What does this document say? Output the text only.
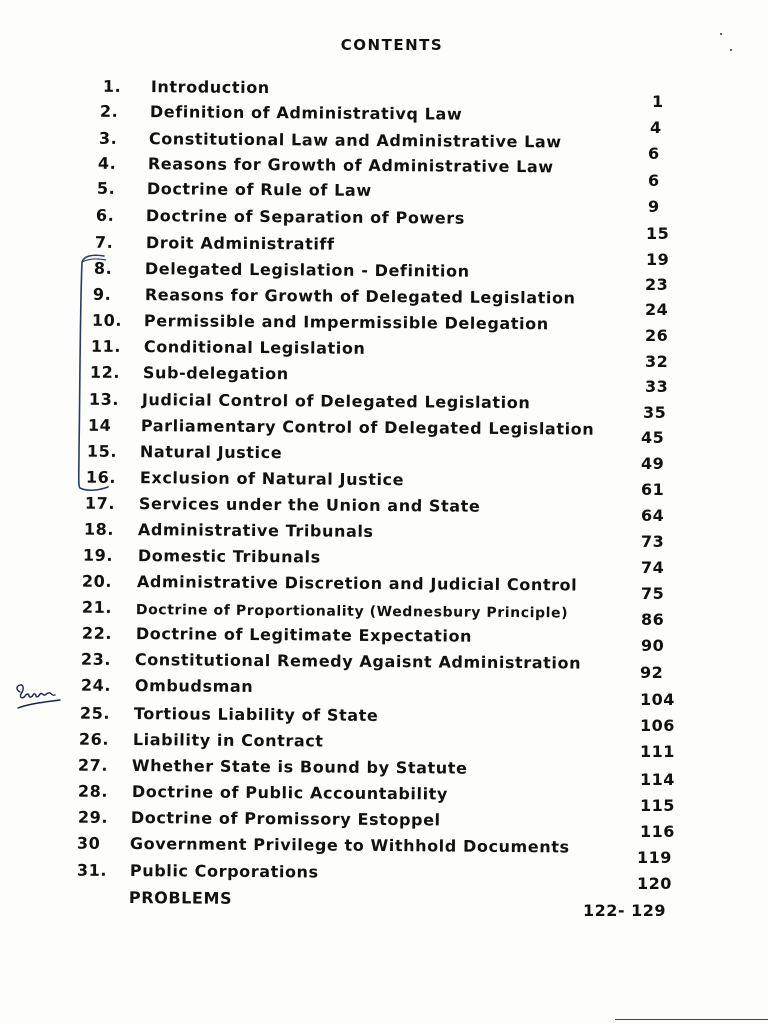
CONTENTS
1. Introduction
2. Definition of Administrativq Law
3. Constitutional Law and Administrative Law
4. Reasons for Growth of Administrative Law
5. Doctrine of Rule of Law
6. Doctrine of Separation of Powers
7. Droit Administratiff
8. Delegated Legislation - Definition
9. Reasons for Growth of Delegated Legislation
10. Permissible and Impermissible Delegation
11. Conditional Legislation
12. Sub-delegation
13. Judicial Control of Delegated Legislation
14 Parliamentary Control of Delegated Legislation
15. Natural Justice
16. Exclusion of Natural Justice
17. Services under the Union and State
18. Administrative Tribunals
19. Domestic Tribunals
20. Administrative Discretion and Judicial Control
21. Doctrine of Proportionality (Wednesbury Principle)
22. Doctrine of Legitimate Expectation
23. Constitutional Remedy Agaisnt Administration
24. Ombudsman
25. Tortious Liability of State
26. Liability in Contract
27. Whether State is Bound by Statute
28. Doctrine of Public Accountability
29. Doctrine of Promissory Estoppel
30 Government Privilege to Withhold Documents
31. Public Corporations
PROBLEMS
1
4
6
6
9
15
19
23
24
26
32
33
35
45
49
61
64
73
74
75
86
90
92
104
106
111
114
115
116
119
120
122- 129
